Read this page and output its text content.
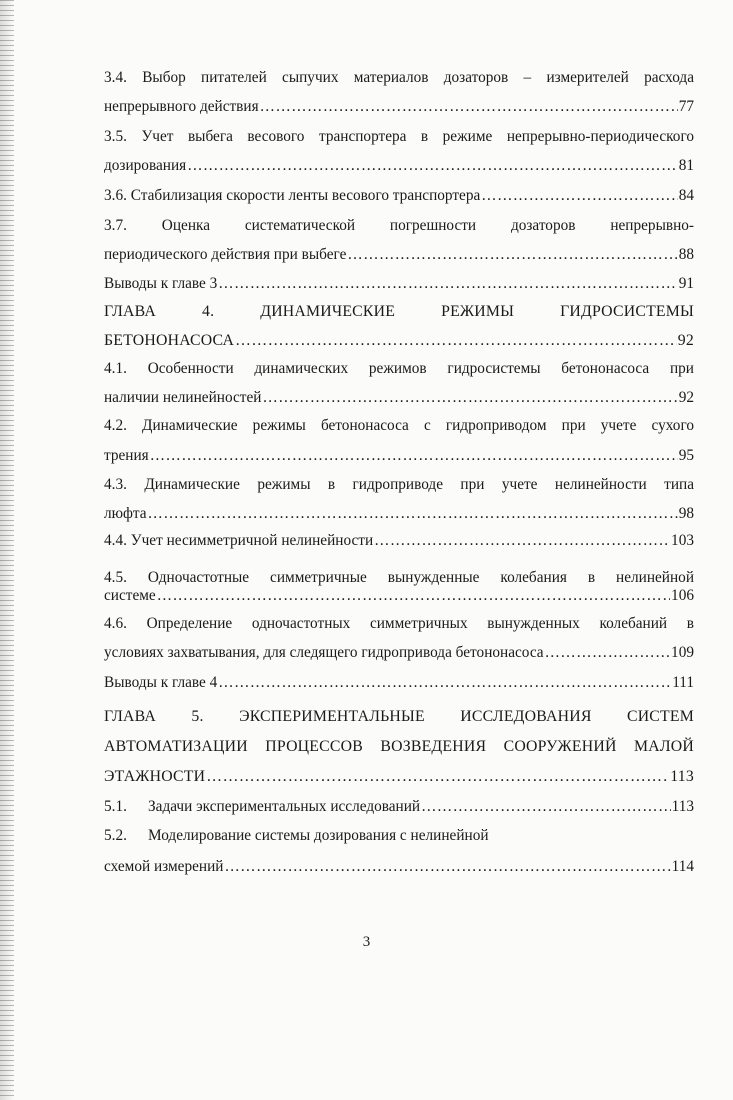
3.4. Выбор питателей сыпучих материалов дозаторов – измерителей расхода
непрерывного действия …………………………………………………………………………………………………………………………………………………………………………………………………………………………………………	77
3.5. Учет выбега весового транспортера в режиме непрерывно-периодического
дозирования …………………………………………………………………………………………………………………………………………………………………………………………………………………………………………	81
3.6. Стабилизация скорости ленты весового транспортера …………………………………………………………………………………………………………………………………………………………………………………………………………………………………………	84
3.7. Оценка систематической погрешности дозаторов непрерывно-
периодического действия при выбеге …………………………………………………………………………………………………………………………………………………………………………………………………………………………………………	88
Выводы к главе 3 …………………………………………………………………………………………………………………………………………………………………………………………………………………………………………	91
ГЛАВА 4. ДИНАМИЧЕСКИЕ РЕЖИМЫ ГИДРОСИСТЕМЫ
БЕТОНОНАСОСА …………………………………………………………………………………………………………………………………………………………………………………………………………………………………………	92
4.1. Особенности динамических режимов гидросистемы бетононасоса при
наличии нелинейностей …………………………………………………………………………………………………………………………………………………………………………………………………………………………………………	92
4.2. Динамические режимы бетононасоса с гидроприводом при учете сухого
трения …………………………………………………………………………………………………………………………………………………………………………………………………………………………………………	95
4.3. Динамические режимы в гидроприводе при учете нелинейности типа
люфта …………………………………………………………………………………………………………………………………………………………………………………………………………………………………………	98
4.4. Учет несимметричной нелинейности …………………………………………………………………………………………………………………………………………………………………………………………………………………………………………	103
4.5. Одночастотные симметричные вынужденные колебания в нелинейной
системе …………………………………………………………………………………………………………………………………………………………………………………………………………………………………………	106
4.6. Определение одночастотных симметричных вынужденных колебаний в
условиях захватывания, для следящего гидропривода бетононасоса …………………………………………………………………………………………………………………………………………………………………………………………………………………………………………	109
Выводы к главе 4 …………………………………………………………………………………………………………………………………………………………………………………………………………………………………………	111
ГЛАВА 5. ЭКСПЕРИМЕНТАЛЬНЫЕ ИССЛЕДОВАНИЯ СИСТЕМ
АВТОМАТИЗАЦИИ ПРОЦЕССОВ ВОЗВЕДЕНИЯ СООРУЖЕНИЙ МАЛОЙ
ЭТАЖНОСТИ …………………………………………………………………………………………………………………………………………………………………………………………………………………………………………	113
5.1.	Задачи экспериментальных исследований …………………………………………………………………………………………………………………………………………………………………………………………………………………………………………	113
5.2.	Моделирование системы дозирования с нелинейной
схемой измерений …………………………………………………………………………………………………………………………………………………………………………………………………………………………………………	114
3
